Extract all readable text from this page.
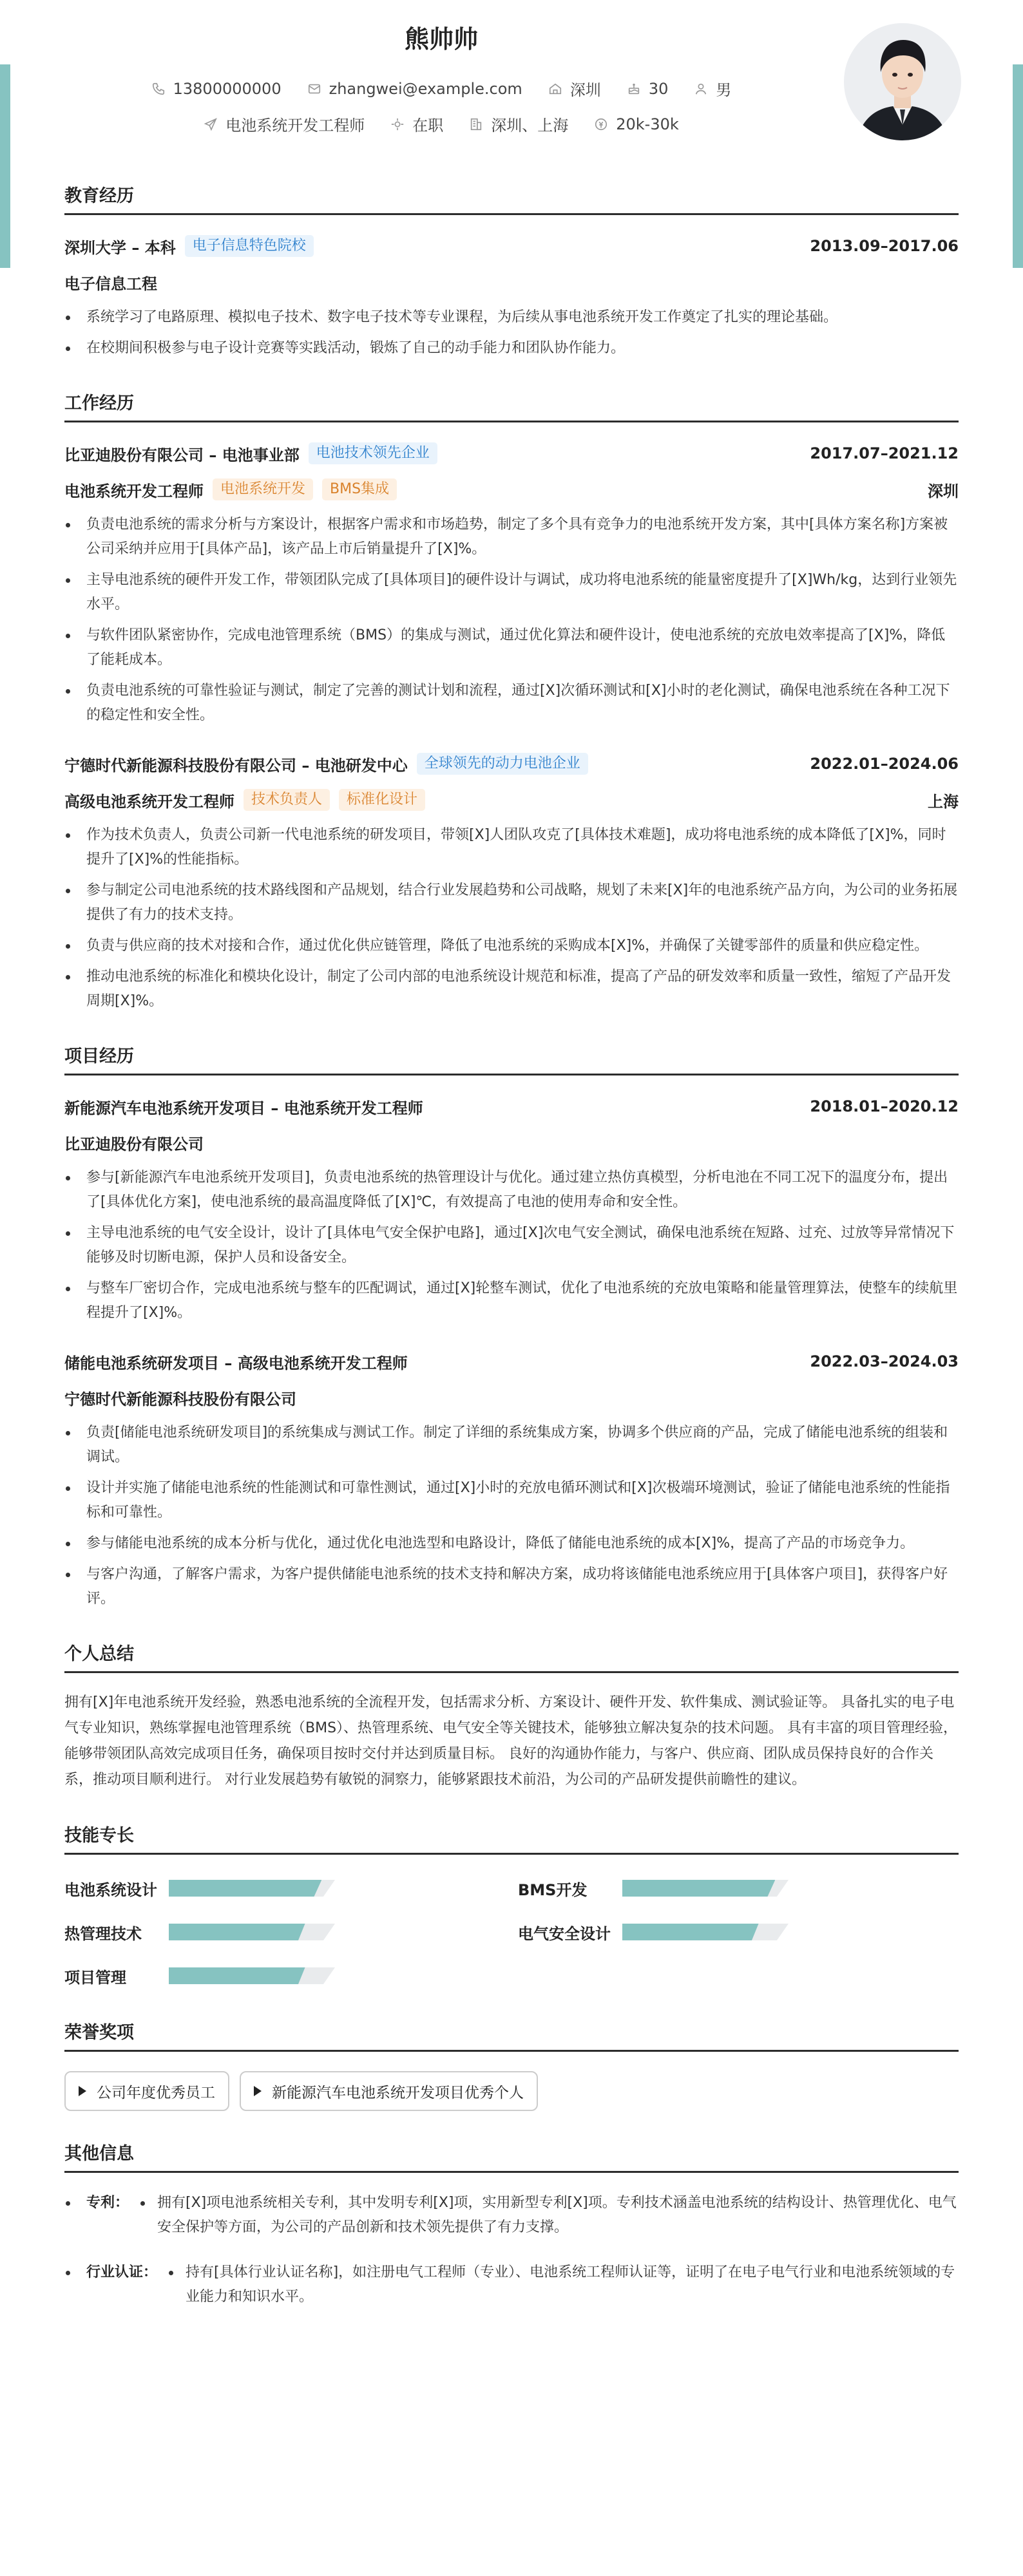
熊帅帅
13800000000	zhangwei@example.com	深圳	30	男
电池系统开发工程师	在职	深圳、上海	20k-30k
教育经历
深圳大学 – 本科	电子信息特色院校	2013.09–2017.06
电子信息工程
系统学习了电路原理、模拟电子技术、数字电子技术等专业课程，为后续从事电池系统开发工作奠定了扎实的理论基础。
在校期间积极参与电子设计竞赛等实践活动，锻炼了自己的动手能力和团队协作能力。
工作经历
比亚迪股份有限公司 – 电池事业部	电池技术领先企业	2017.07–2021.12
电池系统开发工程师	电池系统开发	BMS集成	深圳
负责电池系统的需求分析与方案设计，根据客户需求和市场趋势，制定了多个具有竞争力的电池系统开发方案，其中[具体方案名称]方案被公司采纳并应用于[具体产品]，该产品上市后销量提升了[X]%。
主导电池系统的硬件开发工作，带领团队完成了[具体项目]的硬件设计与调试，成功将电池系统的能量密度提升了[X]Wh/kg，达到行业领先水平。
与软件团队紧密协作，完成电池管理系统（BMS）的集成与测试，通过优化算法和硬件设计，使电池系统的充放电效率提高了[X]%，降低了能耗成本。
负责电池系统的可靠性验证与测试，制定了完善的测试计划和流程，通过[X]次循环测试和[X]小时的老化测试，确保电池系统在各种工况下的稳定性和安全性。
宁德时代新能源科技股份有限公司 – 电池研发中心	全球领先的动力电池企业	2022.01–2024.06
高级电池系统开发工程师	技术负责人	标准化设计	上海
作为技术负责人，负责公司新一代电池系统的研发项目，带领[X]人团队攻克了[具体技术难题]，成功将电池系统的成本降低了[X]%，同时提升了[X]%的性能指标。
参与制定公司电池系统的技术路线图和产品规划，结合行业发展趋势和公司战略，规划了未来[X]年的电池系统产品方向，为公司的业务拓展提供了有力的技术支持。
负责与供应商的技术对接和合作，通过优化供应链管理，降低了电池系统的采购成本[X]%，并确保了关键零部件的质量和供应稳定性。
推动电池系统的标准化和模块化设计，制定了公司内部的电池系统设计规范和标准，提高了产品的研发效率和质量一致性，缩短了产品开发周期[X]%。
项目经历
新能源汽车电池系统开发项目 – 电池系统开发工程师	2018.01–2020.12
比亚迪股份有限公司
参与[新能源汽车电池系统开发项目]，负责电池系统的热管理设计与优化。通过建立热仿真模型，分析电池在不同工况下的温度分布，提出了[具体优化方案]，使电池系统的最高温度降低了[X]℃，有效提高了电池的使用寿命和安全性。
主导电池系统的电气安全设计，设计了[具体电气安全保护电路]，通过[X]次电气安全测试，确保电池系统在短路、过充、过放等异常情况下能够及时切断电源，保护人员和设备安全。
与整车厂密切合作，完成电池系统与整车的匹配调试，通过[X]轮整车测试，优化了电池系统的充放电策略和能量管理算法，使整车的续航里程提升了[X]%。
储能电池系统研发项目 – 高级电池系统开发工程师	2022.03–2024.03
宁德时代新能源科技股份有限公司
负责[储能电池系统研发项目]的系统集成与测试工作。制定了详细的系统集成方案，协调多个供应商的产品，完成了储能电池系统的组装和调试。
设计并实施了储能电池系统的性能测试和可靠性测试，通过[X]小时的充放电循环测试和[X]次极端环境测试，验证了储能电池系统的性能指标和可靠性。
参与储能电池系统的成本分析与优化，通过优化电池选型和电路设计，降低了储能电池系统的成本[X]%，提高了产品的市场竞争力。
与客户沟通，了解客户需求，为客户提供储能电池系统的技术支持和解决方案，成功将该储能电池系统应用于[具体客户项目]，获得客户好评。
个人总结
拥有[X]年电池系统开发经验，熟悉电池系统的全流程开发，包括需求分析、方案设计、硬件开发、软件集成、测试验证等。 具备扎实的电子电气专业知识，熟练掌握电池管理系统（BMS）、热管理系统、电气安全等关键技术，能够独立解决复杂的技术问题。 具有丰富的项目管理经验，能够带领团队高效完成项目任务，确保项目按时交付并达到质量目标。 良好的沟通协作能力，与客户、供应商、团队成员保持良好的合作关系，推动项目顺利进行。 对行业发展趋势有敏锐的洞察力，能够紧跟技术前沿，为公司的产品研发提供前瞻性的建议。
技能专长
电池系统设计	BMS开发
热管理技术	电气安全设计
项目管理
荣誉奖项
公司年度优秀员工	新能源汽车电池系统开发项目优秀个人
其他信息
专利：	拥有[X]项电池系统相关专利，其中发明专利[X]项，实用新型专利[X]项。专利技术涵盖电池系统的结构设计、热管理优化、电气安全保护等方面，为公司的产品创新和技术领先提供了有力支撑。
行业认证：	持有[具体行业认证名称]，如注册电气工程师（专业）、电池系统工程师认证等，证明了在电子电气行业和电池系统领域的专业能力和知识水平。
